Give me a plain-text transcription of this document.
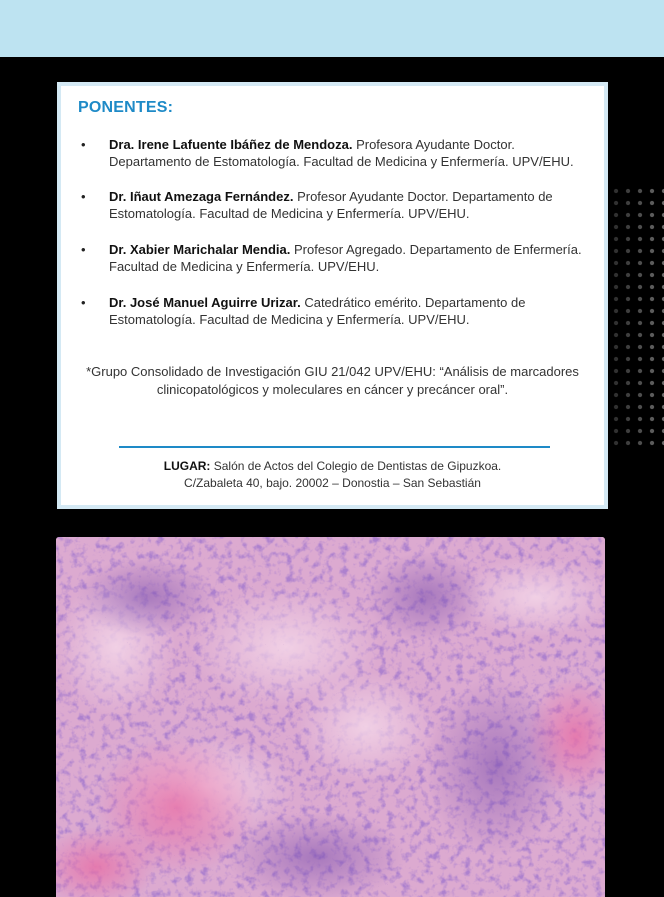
PONENTES:
• Dra. Irene Lafuente Ibáñez de Mendoza. Profesora Ayudante Doctor. Departamento de Estomatología. Facultad de Medicina y Enfermería. UPV/EHU.
• Dr. Iñaut Amezaga Fernández. Profesor Ayudante Doctor. Departamento de Estomatología. Facultad de Medicina y Enfermería. UPV/EHU.
• Dr. Xabier Marichalar Mendia. Profesor Agregado. Departamento de Enfermería. Facultad de Medicina y Enfermería. UPV/EHU.
• Dr. José Manuel Aguirre Urizar. Catedrático emérito. Departamento de Estomatología. Facultad de Medicina y Enfermería. UPV/EHU.
*Grupo Consolidado de Investigación GIU 21/042 UPV/EHU: “Análisis de marcadores clinicopatológicos y moleculares en cáncer y precáncer oral”.
LUGAR: Salón de Actos del Colegio de Dentistas de Gipuzkoa.
C/Zabaleta 40, bajo. 20002 – Donostia – San Sebastián
